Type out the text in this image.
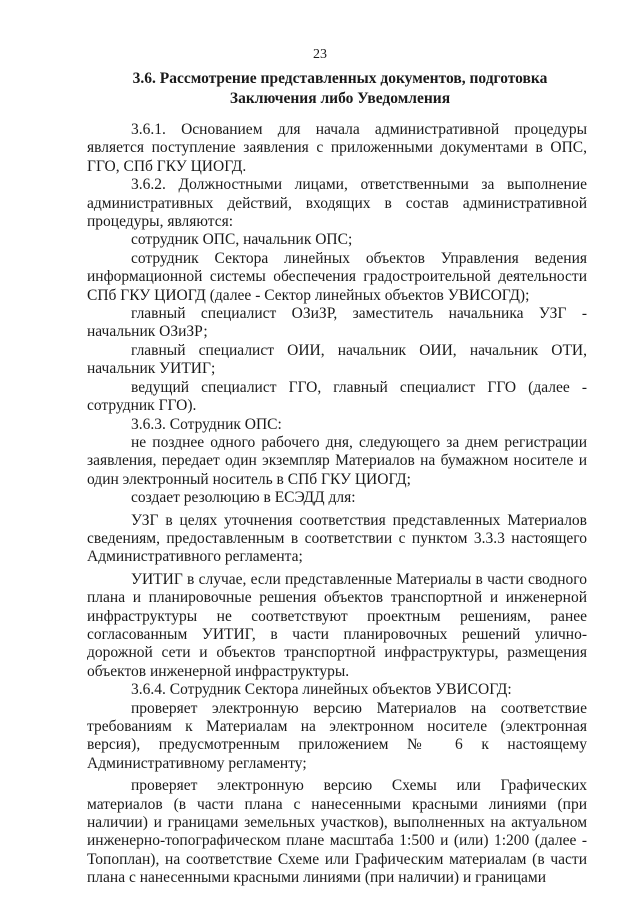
23
3.6. Рассмотрение представленных документов, подготовка
Заключения либо Уведомления

3.6.1. Основанием для начала административной процедуры является поступление заявления с приложенными документами в ОПС, ГГО, СПб ГКУ ЦИОГД.

3.6.2. Должностными лицами, ответственными за выполнение административных действий, входящих в состав административной процедуры, являются:

сотрудник ОПС, начальник ОПС;

сотрудник Сектора линейных объектов Управления ведения информационной системы обеспечения градостроительной деятельности СПб ГКУ ЦИОГД (далее - Сектор линейных объектов УВИСОГД);

главный специалист ОЗиЗР, заместитель начальника УЗГ - начальник ОЗиЗР;

главный специалист ОИИ, начальник ОИИ, начальник ОТИ, начальник УИТИГ;

ведущий специалист ГГО, главный специалист ГГО (далее - сотрудник ГГО).

3.6.3. Сотрудник ОПС:

не позднее одного рабочего дня, следующего за днем регистрации заявления, передает один экземпляр Материалов на бумажном носителе и один электронный носитель в СПб ГКУ ЦИОГД;

создает резолюцию в ЕСЭДД для:

УЗГ в целях уточнения соответствия представленных Материалов сведениям, предоставленным в соответствии с пунктом 3.3.3 настоящего Административного регламента;

УИТИГ в случае, если представленные Материалы в части сводного плана и планировочные решения объектов транспортной и инженерной инфраструктуры не соответствуют проектным решениям, ранее согласованным УИТИГ, в части планировочных решений улично-дорожной сети и объектов транспортной инфраструктуры, размещения объектов инженерной инфраструктуры.

3.6.4. Сотрудник Сектора линейных объектов УВИСОГД:

проверяет электронную версию Материалов на соответствие требованиям к Материалам на электронном носителе (электронная версия), предусмотренным приложением № 6 к настоящему Административному регламенту;

проверяет электронную версию Схемы или Графических материалов (в части плана с нанесенными красными линиями (при наличии) и границами земельных участков), выполненных на актуальном инженерно-топографическом плане масштаба 1:500 и (или) 1:200 (далее - Топоплан), на соответствие Схеме или Графическим материалам (в части плана с нанесенными красными линиями (при наличии) и границами
